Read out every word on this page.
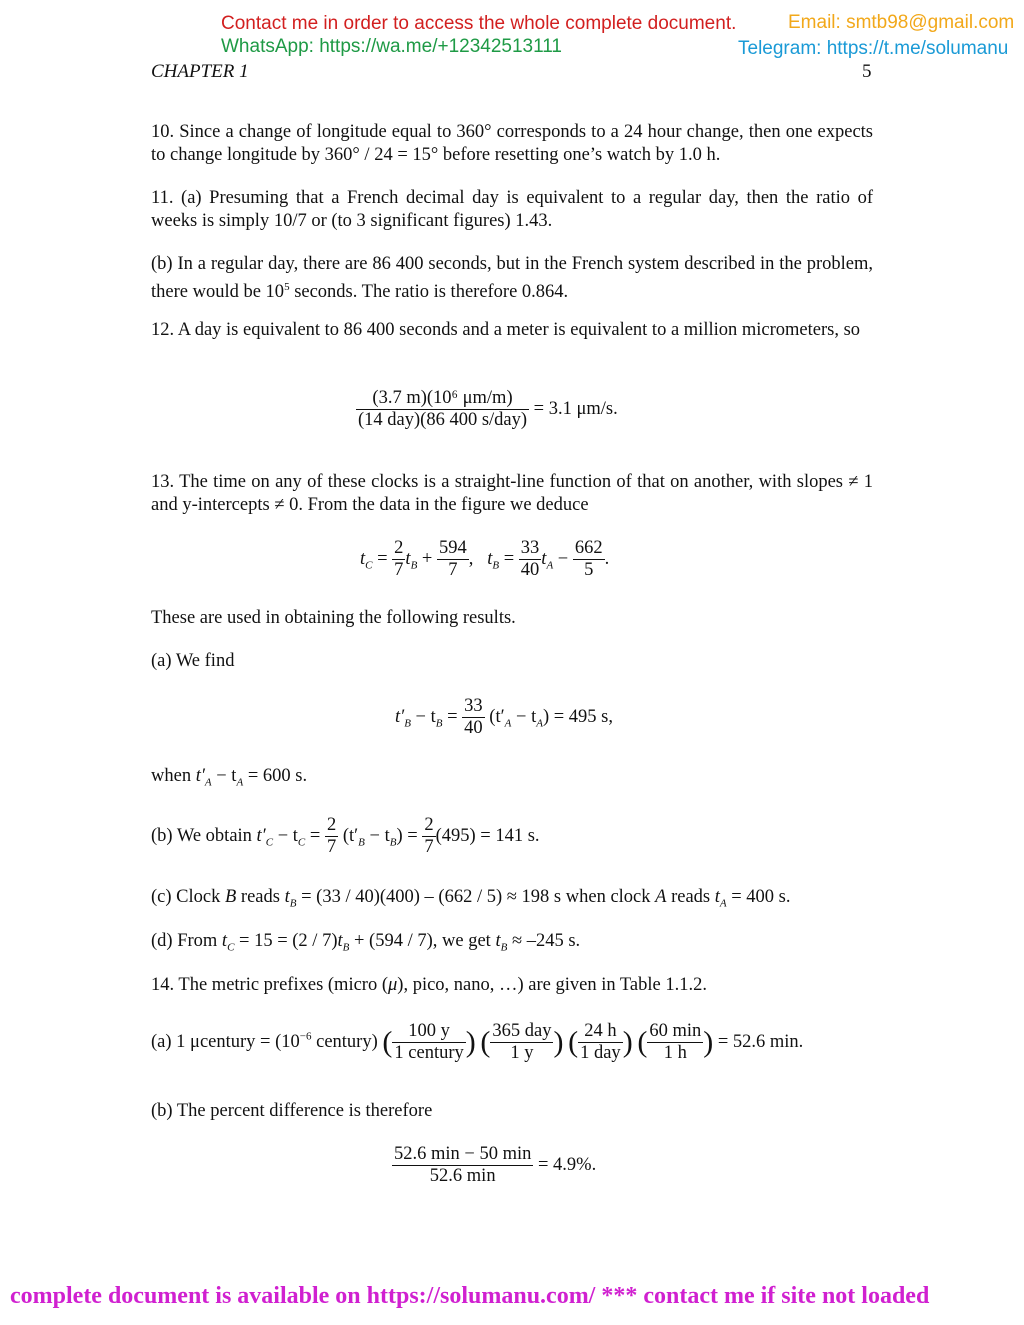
Contact me in order to access the whole complete document.
WhatsApp: https://wa.me/+12342513111
Email: smtb98@gmail.com
Telegram: https://t.me/solumanu
CHAPTER 1	5
10. Since a change of longitude equal to 360° corresponds to a 24 hour change, then one expects to change longitude by 360° / 24 = 15° before resetting one’s watch by 1.0 h.
11. (a) Presuming that a French decimal day is equivalent to a regular day, then the ratio of weeks is simply 10/7 or (to 3 significant figures) 1.43.
(b) In a regular day, there are 86 400 seconds, but in the French system described in the problem, there would be $10^5$ seconds. The ratio is therefore 0.864.
12. A day is equivalent to 86 400 seconds and a meter is equivalent to a million micrometers, so
$\frac{\text{(3.7 m)(10⁶ μm/m)}}{\text{(14 day)(86 400 s/day)}} = 3.1$ μm/s.
13. The time on any of these clocks is a straight-line function of that on another, with slopes ≠ 1 and y-intercepts ≠ 0. From the data in the figure we deduce
$t_C = \frac{2}{7} t_B + \frac{594}{7}$ , $t_B = \frac{33}{40} t_A - \frac{662}{5}$ .
These are used in obtaining the following results.
(a) We find
$t'_B - t_B = \frac{33}{40} (t'_A - t_A) = 495$ s,
when $t'_A - t_A = 600$ s.
(b) We obtain $t'_C - t_C = \frac{2}{7} (t'_B - t_B) = \frac{2}{7} (495) = 141$ s.
(c) Clock B reads $t_B = (33 / 40)(400) - (662 / 5) \approx 198$ s when clock A reads $t_A = 400$ s.
(d) From $t_C = 15 = (2 / 7)t_B + (594 / 7)$, we get $t_B \approx -245$ s.
14. The metric prefixes (micro (μ), pico, nano, …) are given in Table 1.1.2.
(a) 1 μcentury = ($10^{-6}$ century) ( $\frac{100 y}{\text{1 century}}$ ) ( $\frac{\text{365 day}}{1 y}$ ) ( $\frac{24 h}{\text{1 day}}$ ) ( $\frac{60 \min}{1 h}$ ) = 52.6 min.
(b) The percent difference is therefore
$\frac{52.6 \min - 50 \min}{52.6 \min} = 4.9\%$.
complete document is available on https://solumanu.com/ *** contact me if site not loaded
